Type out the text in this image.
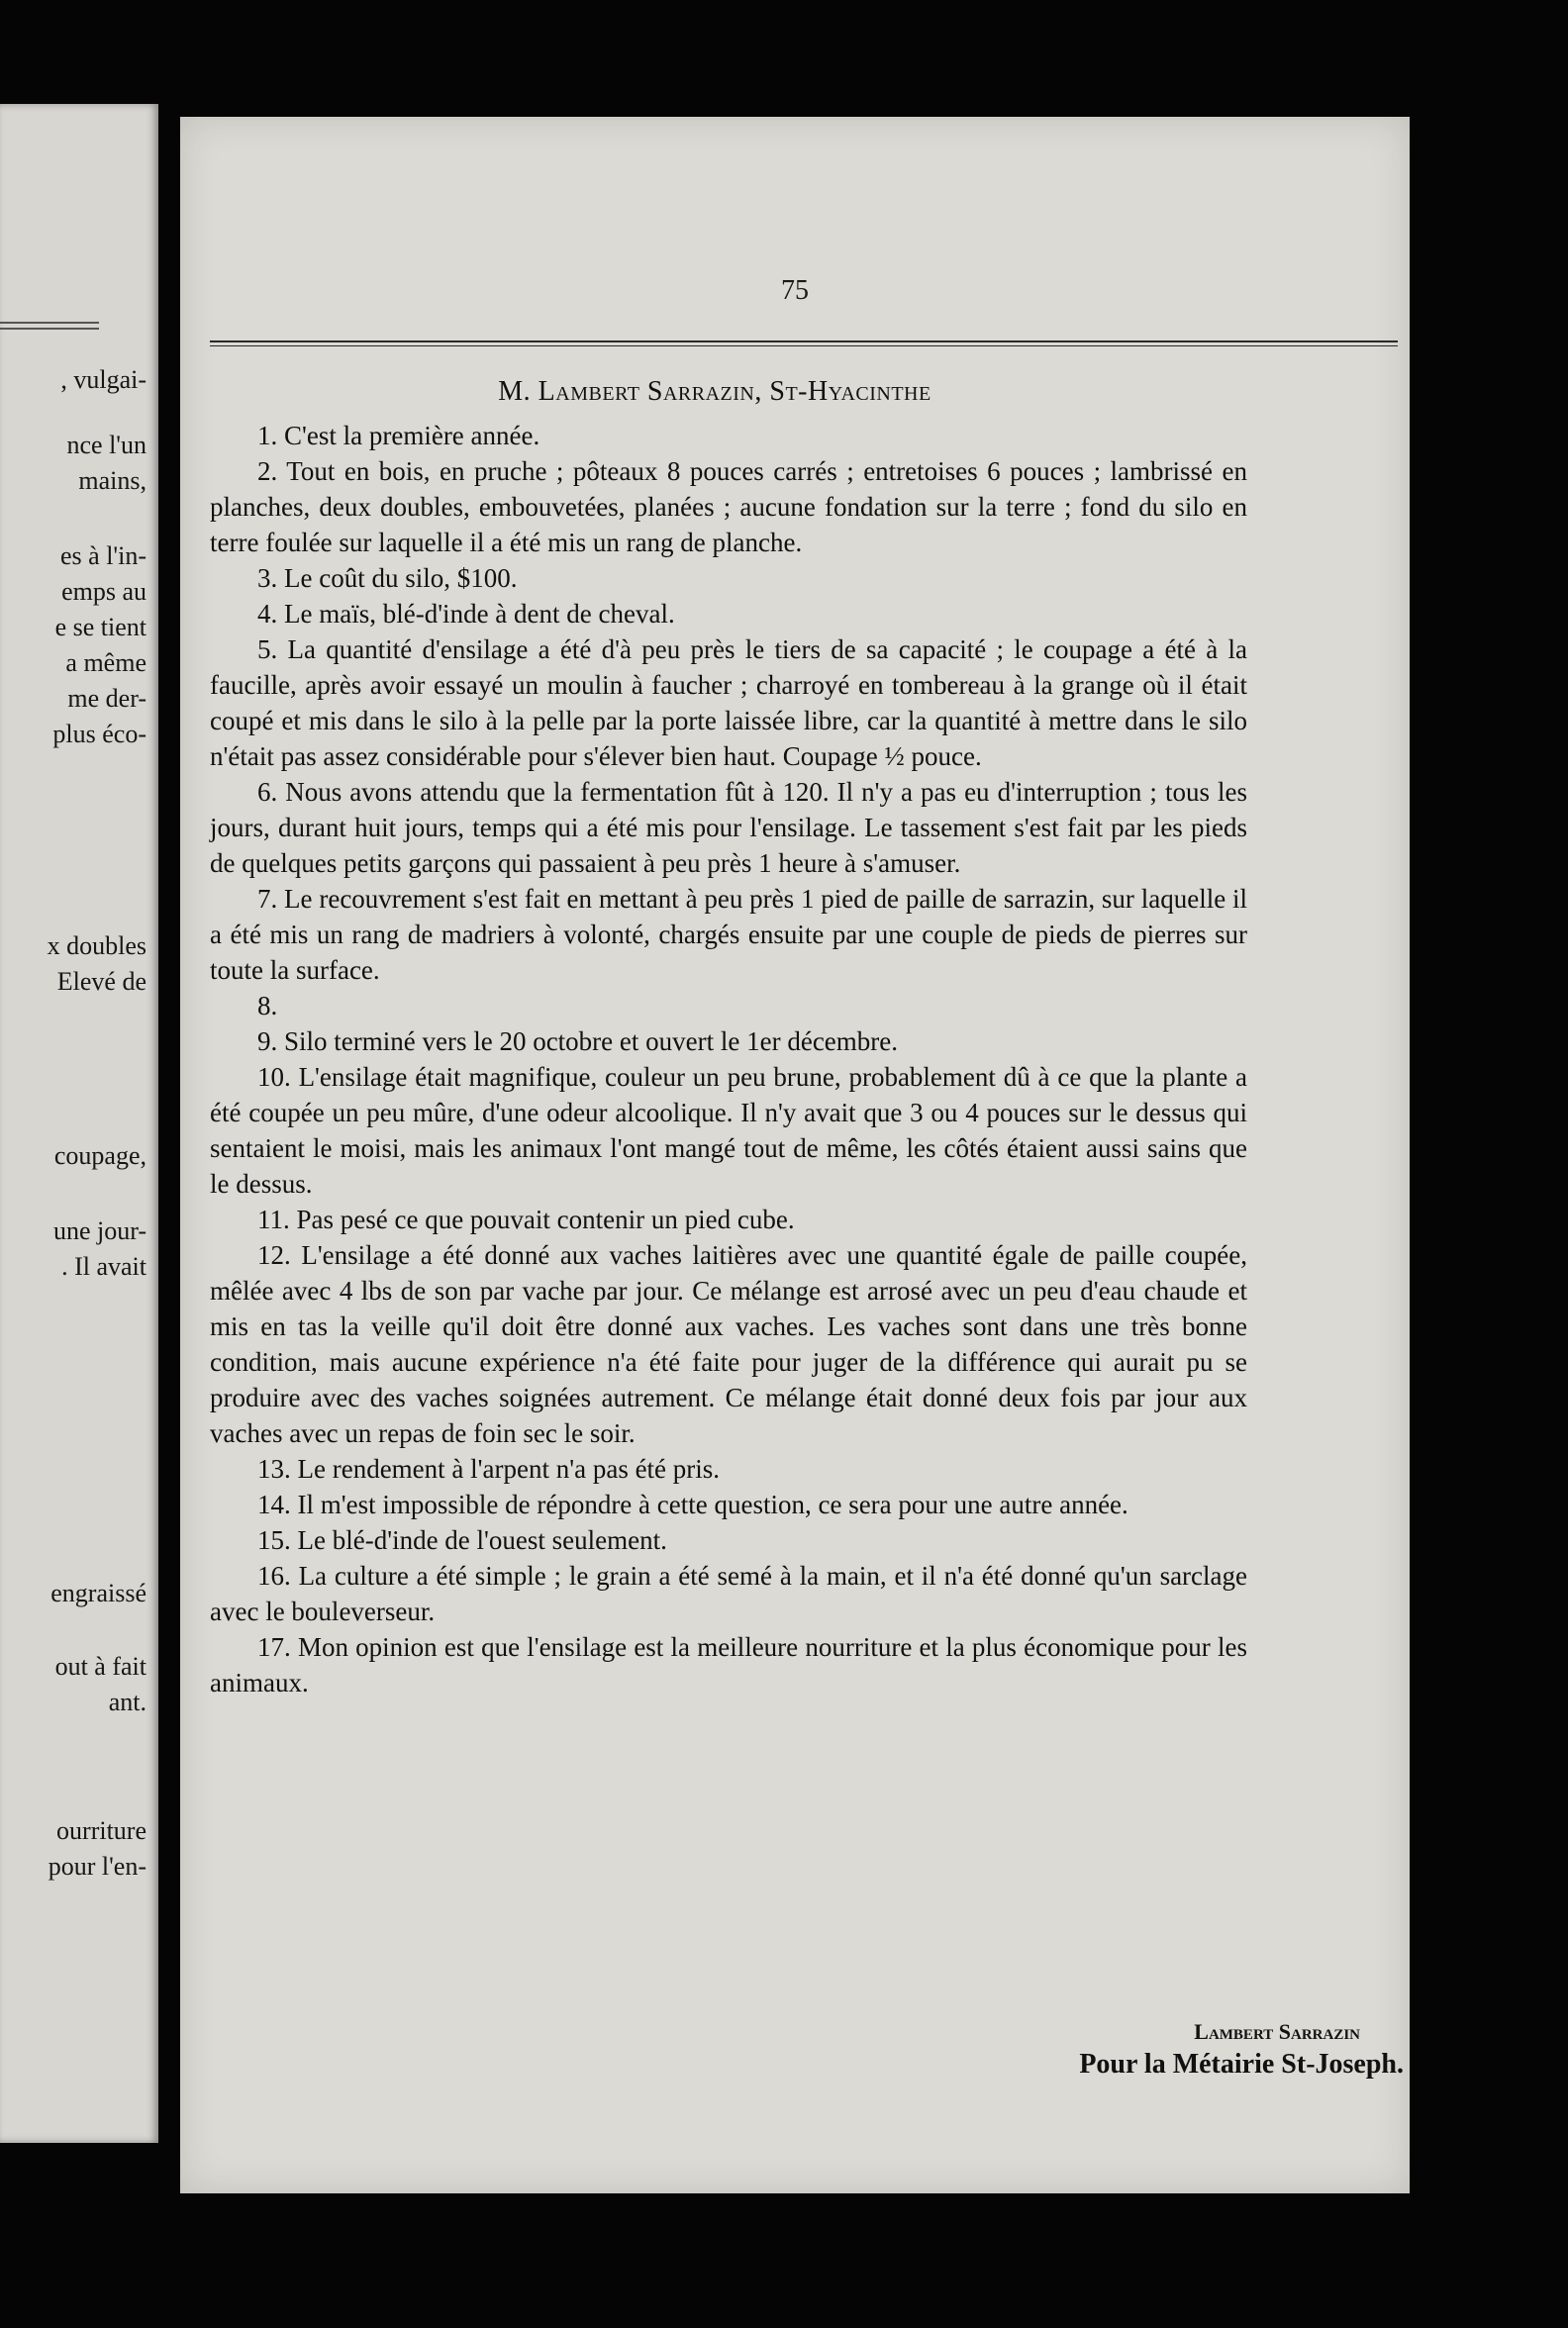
, vulgai-
nce l'un
mains,
es à l'in-
emps au
e se tient
a même
me der-
plus éco-
x doubles
Elevé de
coupage,
une jour-
. Il avait
engraissé
out à fait
ant.
ourriture
pour l'en-
75
M. Lambert Sarrazin, St-Hyacinthe

1. C'est la première année.

2. Tout en bois, en pruche ; pôteaux 8 pouces carrés ; entretoises 6 pouces ; lambrissé en planches, deux doubles, embouvetées, planées ; aucune fondation sur la terre ; fond du silo en terre foulée sur laquelle il a été mis un rang de planche.

3. Le coût du silo, $100.

4. Le maïs, blé-d'inde à dent de cheval.

5. La quantité d'ensilage a été d'à peu près le tiers de sa capacité ; le coupage a été à la faucille, après avoir essayé un moulin à faucher ; charroyé en tombereau à la grange où il était coupé et mis dans le silo à la pelle par la porte laissée libre, car la quantité à mettre dans le silo n'était pas assez considérable pour s'élever bien haut. Coupage ½ pouce.

6. Nous avons attendu que la fermentation fût à 120. Il n'y a pas eu d'interruption ; tous les jours, durant huit jours, temps qui a été mis pour l'ensilage. Le tassement s'est fait par les pieds de quelques petits garçons qui passaient à peu près 1 heure à s'amuser.

7. Le recouvrement s'est fait en mettant à peu près 1 pied de paille de sarrazin, sur laquelle il a été mis un rang de madriers à volonté, chargés ensuite par une couple de pieds de pierres sur toute la surface.

8.

9. Silo terminé vers le 20 octobre et ouvert le 1er décembre.

10. L'ensilage était magnifique, couleur un peu brune, probablement dû à ce que la plante a été coupée un peu mûre, d'une odeur alcoolique. Il n'y avait que 3 ou 4 pouces sur le dessus qui sentaient le moisi, mais les animaux l'ont mangé tout de même, les côtés étaient aussi sains que le dessus.

11. Pas pesé ce que pouvait contenir un pied cube.

12. L'ensilage a été donné aux vaches laitières avec une quantité égale de paille coupée, mêlée avec 4 lbs de son par vache par jour. Ce mélange est arrosé avec un peu d'eau chaude et mis en tas la veille qu'il doit être donné aux vaches. Les vaches sont dans une très bonne condition, mais aucune expérience n'a été faite pour juger de la différence qui aurait pu se produire avec des vaches soignées autrement. Ce mélange était donné deux fois par jour aux vaches avec un repas de foin sec le soir.

13. Le rendement à l'arpent n'a pas été pris.

14. Il m'est impossible de répondre à cette question, ce sera pour une autre année.

15. Le blé-d'inde de l'ouest seulement.

16. La culture a été simple ; le grain a été semé à la main, et il n'a été donné qu'un sarclage avec le bouleverseur.

17. Mon opinion est que l'ensilage est la meilleure nourriture et la plus économique pour les animaux.

Lambert Sarrazin
Pour la Métairie St-Joseph.
